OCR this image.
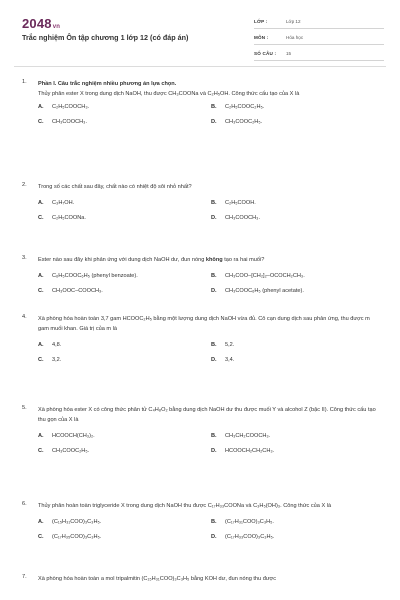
2048vn
Trắc nghiệm Ôn tập chương 1 lớp 12 (có đáp án)
LỚP :	Lớp 12
MÔN :	Hóa học
SỐ CÂU :	15
1. Phần I. Câu trắc nghiệm nhiều phương án lựa chọn.
Thủy phân ester X trong dung dịch NaOH, thu được CH₃COONa và C₂H₅OH. Công thức cấu tạo của X là
A.	C₂H₅COOCH₃.	B.	C₂H₅COOC₂H₅.
C.	CH₃COOCH₃.	D.	CH₃COOC₂H₅.
2. Trong số các chất sau đây, chất nào có nhiệt độ sôi nhỏ nhất?
A.	C₃H₇OH.	B.	C₂H₅COOH.
C.	C₂H₅COONa.	D.	CH₃COOCH₃.
3. Ester nào sau đây khi phản ứng với dung dịch NaOH dư, đun nóng không tạo ra hai muối?
A.	C₆H₅COOC₆H₅ (phenyl benzoate).	B.	CH₃COO–[CH₂]₂–OCOCH₂CH₃.
C.	CH₃OOC–COOCH₃.	D.	CH₃COOC₆H₅ (phenyl acetate).
4. Xà phòng hóa hoàn toàn 3,7 gam HCOOC₂H₅ bằng một lượng dung dịch NaOH vừa đủ. Cô cạn dung dịch sau phản ứng, thu được m gam muối khan. Giá trị của m là
A.	4,8.	B.	5,2.
C.	3,2.	D.	3,4.
5. Xà phòng hóa ester X có công thức phân tử C₄H₈O₂ bằng dung dịch NaOH dư thu được muối Y và alcohol Z (bậc II). Công thức cấu tạo thu gọn của X là
A.	HCOOCH(CH₃)₂.	B.	CH₃CH₂COOCH₃.
C.	CH₃COOC₂H₅.	D.	HCOOCH₂CH₂CH₃.
6. Thủy phân hoàn toàn triglyceride X trong dung dịch NaOH thu được C₁₇H₃₃COONa và C₃H₅(OH)₃. Công thức của X là
A.	(C₁₅H₃₁COO)₃C₃H₅.	B.	(C₁₇H₃₁COO)₃C₃H₅.
C.	(C₁₇H₃₅COO)₃C₃H₅.	D.	(C₁₇H₃₃COO)₃C₃H₅.
7. Xà phòng hóa hoàn toàn a mol tripalmitin (C₁₅H₃₁COO)₃C₃H₅ bằng KOH dư, đun nóng thu được
